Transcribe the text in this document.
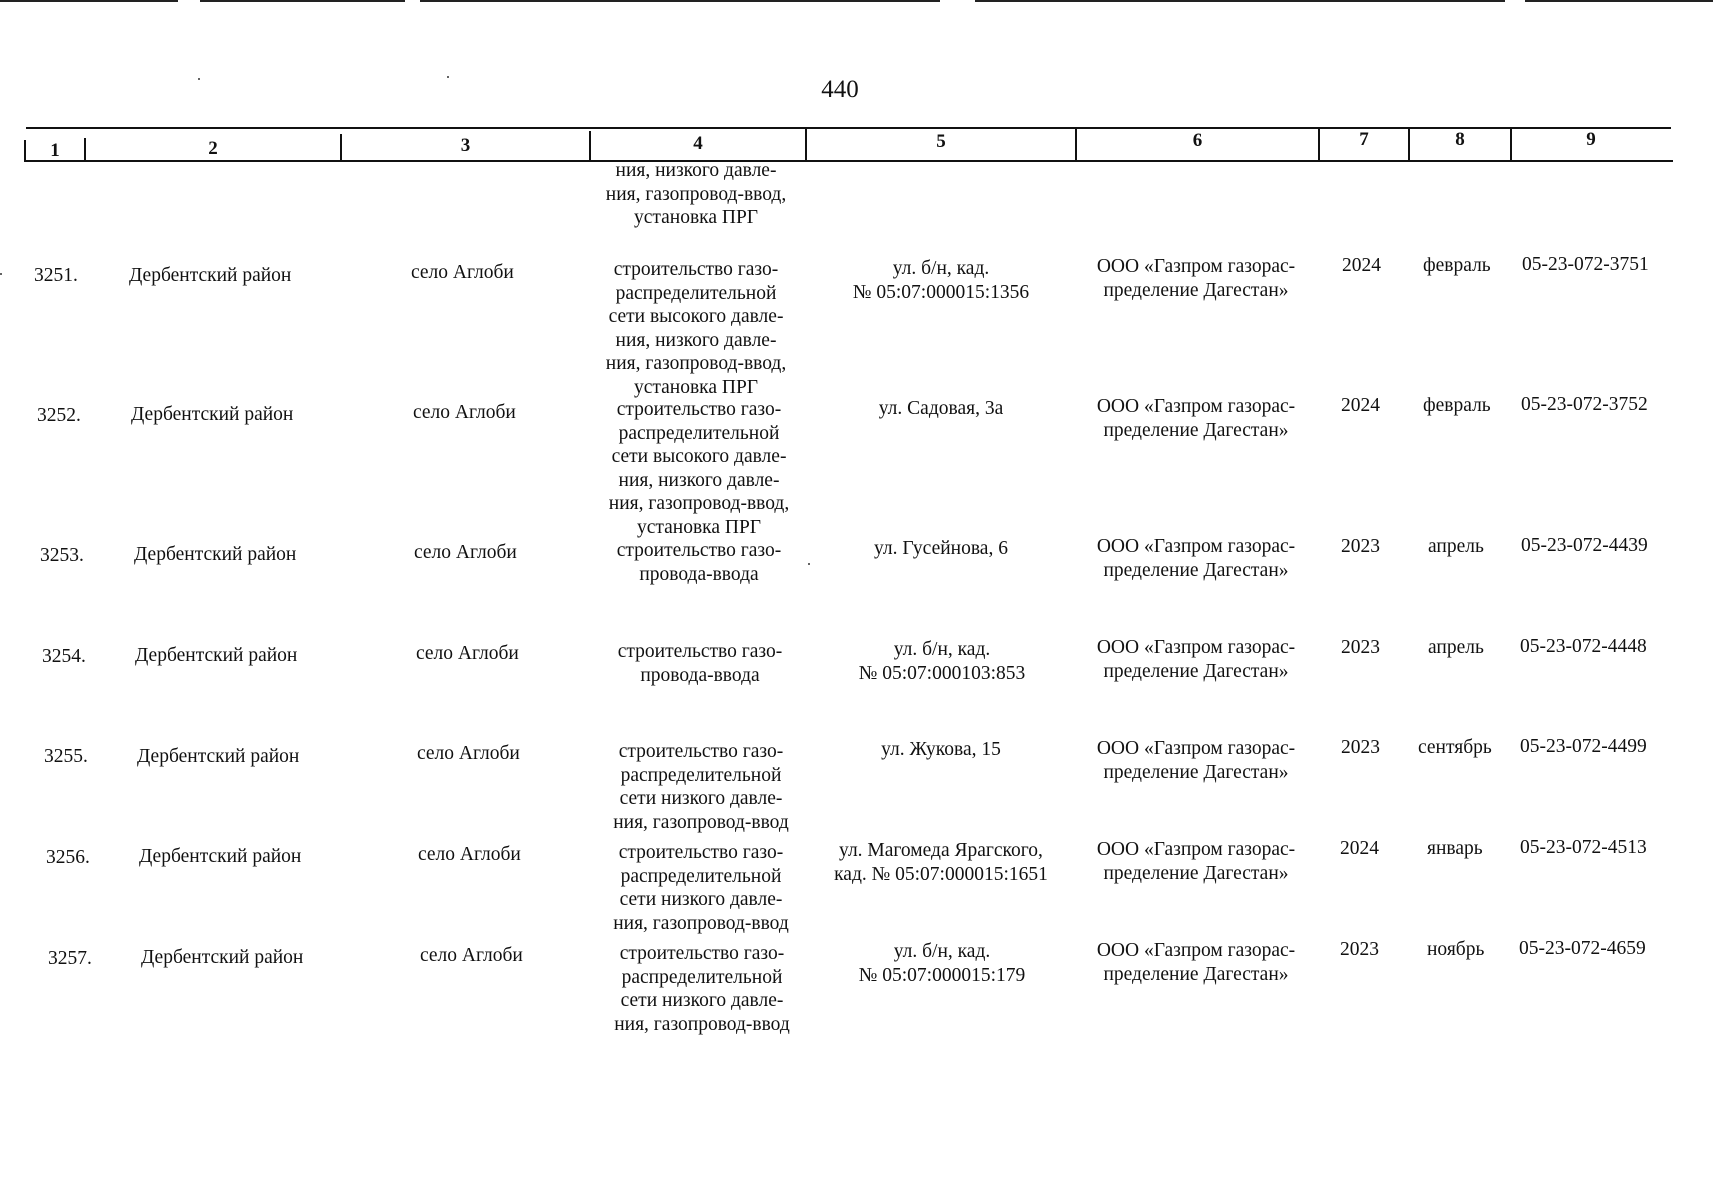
440
1	2	3	4	5	6	7	8	9
ния, низкого давле-
ния, газопровод-ввод,
установка ПРГ
3251.	Дербентский район	село Аглоби	строительство газо-
распределительной
сети высокого давле-
ния, низкого давле-
ния, газопровод-ввод,
установка ПРГ
ул. б/н, кад.
№ 05:07:000015:1356
ООО «Газпром газорас-
пределение Дагестан»
2024 февраль 05-23-072-3751
3252.	Дербентский район	село Аглоби	строительство газо-
распределительной
сети высокого давле-
ния, низкого давле-
ния, газопровод-ввод,
установка ПРГ
ул. Садовая, 3а	ООО «Газпром газорас-
пределение Дагестан»
2024 февраль 05-23-072-3752
3253.	Дербентский район	село Аглоби	строительство газо-
провода-ввода
ул. Гусейнова, 6	ООО «Газпром газорас-
пределение Дагестан»
2023 апрель 05-23-072-4439
3254.	Дербентский район	село Аглоби	строительство газо-
провода-ввода
ул. б/н, кад.
№ 05:07:000103:853
ООО «Газпром газорас-
пределение Дагестан»
2023 апрель 05-23-072-4448
3255.	Дербентский район	село Аглоби	строительство газо-
распределительной
сети низкого давле-
ния, газопровод-ввод
ул. Жукова, 15	ООО «Газпром газорас-
пределение Дагестан»
2023 сентябрь 05-23-072-4499
3256.	Дербентский район	село Аглоби	строительство газо-
распределительной
сети низкого давле-
ния, газопровод-ввод
ул. Магомеда Ярагского,
кад. № 05:07:000015:1651
ООО «Газпром газорас-
пределение Дагестан»
2024 январь 05-23-072-4513
3257.	Дербентский район	село Аглоби	строительство газо-
распределительной
сети низкого давле-
ния, газопровод-ввод
ул. б/н, кад.
№ 05:07:000015:179
ООО «Газпром газорас-
пределение Дагестан»
2023 ноябрь 05-23-072-4659
